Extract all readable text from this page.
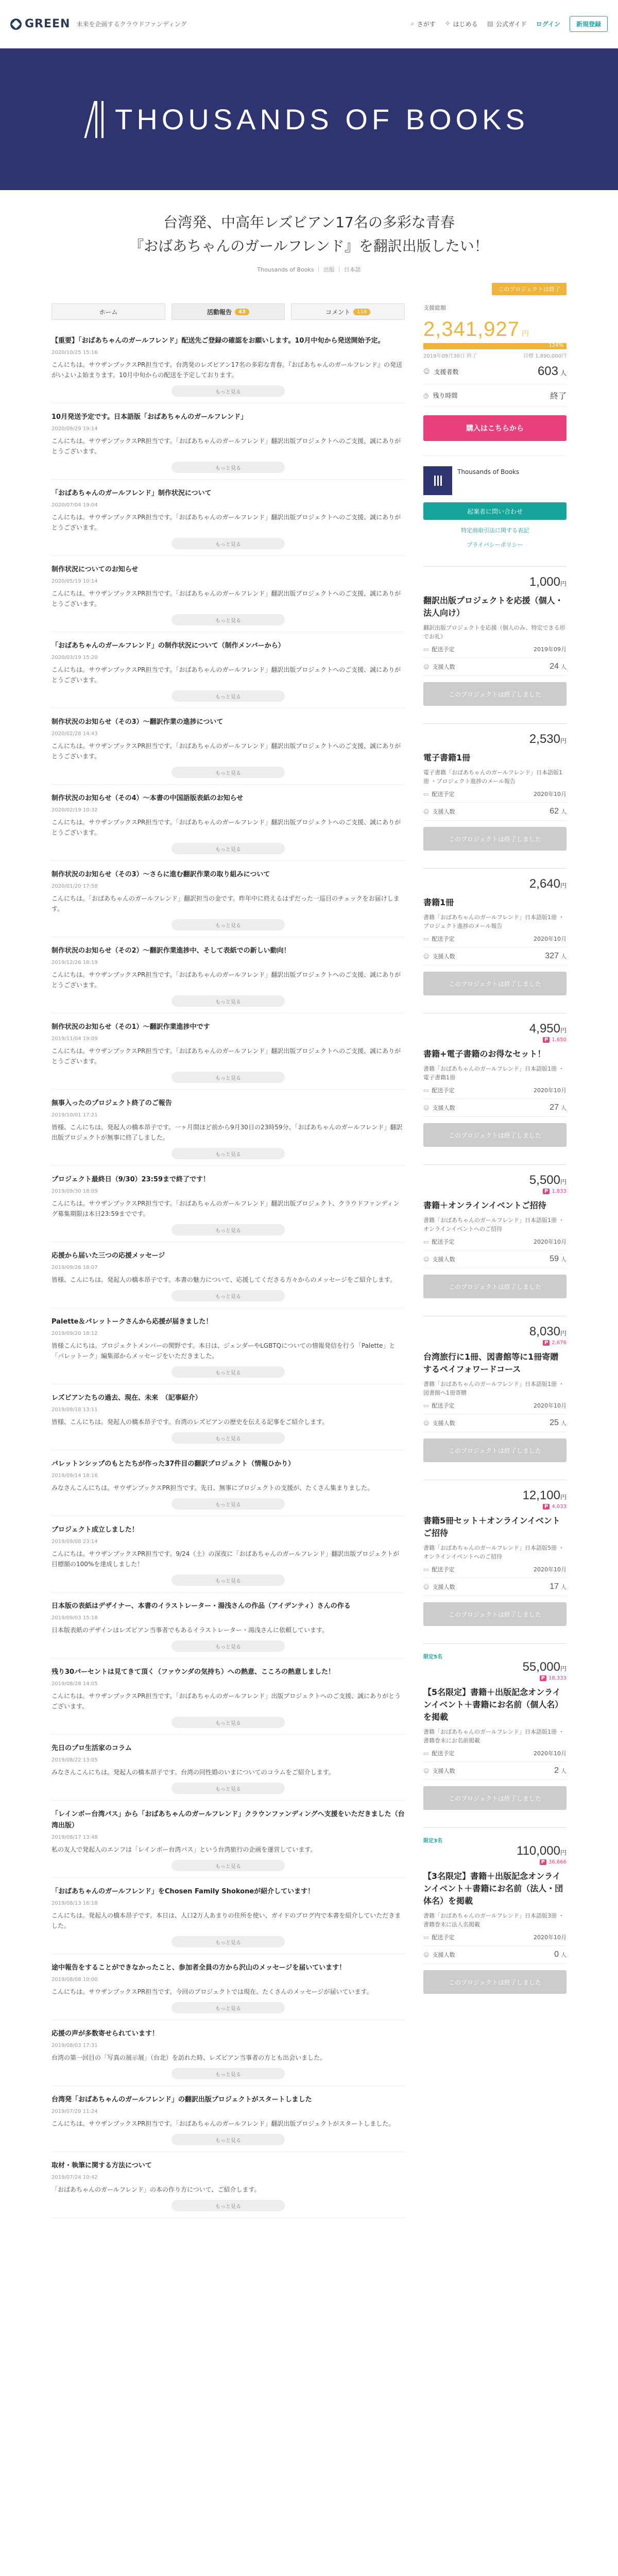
GREEN 未来を企画するクラウドファンディング	⌕ さがす ✧ はじめる ▤ 公式ガイド ログイン	新規登録
THOUSANDS OF BOOKS
台湾発、中高年レズビアン17名の多彩な青春
『おばあちゃんのガールフレンド』を翻訳出版したい！
Thousands of Books ｜ 出版 ｜ 日本語
ホーム	活動報告	43	コメント	118
【重要】「おばあちゃんのガールフレンド」配送先ご登録の確認をお願いします。10月中旬から発送開始予定。
2020/10/25 15:16
こんにちは。サウザンブックスPR担当です。台湾発のレズビアン17名の多彩な青春。『おばあちゃんのガールフレンド』の発送がいよいよ始まります。10月中旬からの配送を予定しております。
もっと見る
10月発送予定です。日本語版「おばあちゃんのガールフレンド」
2020/09/29 19:14
こんにちは。サウザンブックスPR担当です。「おばあちゃんのガールフレンド」翻訳出版プロジェクトへのご支援、誠にありがとうございます。
もっと見る
「おばあちゃんのガールフレンド」制作状況について
2020/07/04 19:04
こんにちは。サウザンブックスPR担当です。「おばあちゃんのガールフレンド」翻訳出版プロジェクトへのご支援、誠にありがとうございます。
もっと見る
制作状況についてのお知らせ
2020/05/19 10:14
こんにちは。サウザンブックスPR担当です。「おばあちゃんのガールフレンド」翻訳出版プロジェクトへのご支援、誠にありがとうございます。
もっと見る
「おばあちゃんのガールフレンド」の制作状況について（制作メンバーから）
2020/03/19 15:20
こんにちは。サウザンブックスPR担当です。「おばあちゃんのガールフレンド」翻訳出版プロジェクトへのご支援、誠にありがとうございます。
もっと見る
制作状況のお知らせ（その3）〜翻訳作業の進捗について
2020/02/28 14:43
こんにちは。サウザンブックスPR担当です。「おばあちゃんのガールフレンド」翻訳出版プロジェクトへのご支援、誠にありがとうございます。
もっと見る
制作状況のお知らせ（その4）〜本書の中国語版表紙のお知らせ
2020/02/19 10:32
こんにちは。サウザンブックスPR担当です。「おばあちゃんのガールフレンド」翻訳出版プロジェクトへのご支援、誠にありがとうございます。
もっと見る
制作状況のお知らせ（その3）〜さらに進む翻訳作業の取り組みについて
2020/01/20 17:58
こんにちは。「おばあちゃんのガールフレンド」翻訳担当の金です。昨年中に終えるはずだった一巡目のチェックをお届けします。
もっと見る
制作状況のお知らせ（その2）〜翻訳作業進捗中、そして表紙での新しい動向！
2019/12/26 18:19
こんにちは。サウザンブックスPR担当です。「おばあちゃんのガールフレンド」翻訳出版プロジェクトへのご支援、誠にありがとうございます。
もっと見る
制作状況のお知らせ（その1）〜翻訳作業進捗中です
2019/11/04 19:09
こんにちは。サウザンブックスPR担当です。「おばあちゃんのガールフレンド」翻訳出版プロジェクトへのご支援、誠にありがとうございます。
もっと見る
無事入ったのプロジェクト終了のご報告
2019/10/01 17:21
皆様、こんにちは。発起人の橋本昂子です。一ヶ月間ほど前から9月30日の23時59分、「おばあちゃんのガールフレンド」翻訳出版プロジェクトが無事に終了しました。
もっと見る
プロジェクト最終日（9/30）23:59まで終了です！
2019/09/30 18:09
こんにちは。サウザンブックスPR担当です。「おばあちゃんのガールフレンド」翻訳出版プロジェクト、クラウドファンディング募集期限は本日23:59までです。
もっと見る
応援から届いた三つの応援メッセージ
2019/09/26 18:07
皆様、こんにちは。発起人の橋本昂子です。本書の魅力について、応援してくださる方々からのメッセージをご紹介します。
もっと見る
Palette＆パレットークさんから応援が届きました！
2019/09/20 18:12
皆様こんにちは。プロジェクトメンバーの関野です。本日は、ジェンダーやLGBTQについての情報発信を行う「Palette」と「パレットーク」編集部からメッセージをいただきました。
もっと見る
レズビアンたちの過去、現在、未来　（記事紹介）
2019/09/18 13:11
皆様、こんにちは。発起人の橋本昂子です。台湾のレズビアンの歴史を伝える記事をご紹介します。
もっと見る
パレットンシップのもとたちが作った37件目の翻訳プロジェクト（情報ひかり）
2019/09/14 18:16
みなさんこんにちは。サウザンブックスPR担当です。先日、無事にプロジェクトの支援が、たくさん集まりました。
もっと見る
プロジェクト成立しました！
2019/09/08 23:14
こんにちは。サウザンブックスPR担当です。9/24（土）の深夜に「おばあちゃんのガールフレンド」翻訳出版プロジェクトが目標額の100%を達成しました！
もっと見る
日本版の表紙はデザイナー、本書のイラストレーター・湯浅さんの作品（アイデンティ）さんの作る
2019/09/03 15:18
日本版表紙のデザインはレズビアン当事者でもあるイラストレーター・湯浅さんに依頼しています。
もっと見る
残り30パーセントは見てきて頂く（ファウンダの気持ち）への熱意、こころの熱意しました！
2019/08/28 14:05
こんにちは。サウザンブックスPR担当です。「おばあちゃんのガールフレンド」出版プロジェクトへのご支援、誠にありがとうございます。
もっと見る
先日のプロ生活家のコラム
2019/08/22 13:05
みなさんこんにちは。発起人の橋本昂子です。台湾の同性婚のいまについてのコラムをご紹介します。
もっと見る
「レインボー台湾パス」から「おばあちゃんのガールフレンド」クラウンファンディングへ支援をいただきました（台湾出版）
2019/08/17 13:48
私の友人で発起人のエンフは「レインボー台湾パス」という台湾旅行の企画を運営しています。
もっと見る
「おばあちゃんのガールフレンド」をChosen Family Shokoneが紹介しています！
2019/08/13 16:18
こんにちは。発起人の橋本昂子です。本日は、人口2万人あまりの住所を使い、ガイドのブログ内で本書を紹介していただきました。
もっと見る
途中報告をすることができなかったこと、参加者全員の方から沢山のメッセージを届いています！
2019/08/08 10:00
こんにちは。サウザンブックスPR担当です。今回のプロジェクトでは現在、たくさんのメッセージが届いています。
もっと見る
応援の声が多数寄せられています！
2019/08/03 17:31
台湾の第一回目の「写真の展示展」（台北）を訪れた時、レズビアン当事者の方とも出会いました。
もっと見る
台湾発「おばあちゃんのガールフレンド」の翻訳出版プロジェクトがスタートしました
2019/07/29 11:24
こんにちは。サウザンブックスPR担当です。「おばあちゃんのガールフレンド」翻訳出版プロジェクトがスタートしました。
もっと見る
取材・執筆に関する方法について
2019/07/24 10:42
「おばあちゃんのガールフレンド」の本の作り方について、ご紹介します。
もっと見る
このプロジェクトは終了
支援総額
2,341,927 円
124%
2019年09月30日 終了	目標 1,890,000円
☺ 支援者数	603 人
◷ 残り時間	終了
購入はこちらから
Thousands of Books
起案者に問い合わせ
特定商取引法に関する表記
プライバシーポリシー
1,000円
翻訳出版プロジェクトを応援（個人・法人向け）
翻訳出版プロジェクトを応援（個人のみ、特定できる形でお礼）
▭ 配送予定	2019年09月
☺ 支援人数	24 人
このプロジェクトは終了しました
2,530円
電子書籍1冊
電子書籍「おばあちゃんのガールフレンド」日本語版1冊 ・プロジェクト進捗のメール報告
▭ 配送予定	2020年10月
☺ 支援人数	62 人
このプロジェクトは終了しました
2,640円
書籍1冊
書籍「おばあちゃんのガールフレンド」日本語版1冊 ・プロジェクト進捗のメール報告
▭ 配送予定	2020年10月
☺ 支援人数	327 人
このプロジェクトは終了しました
4,950円
P 1,650
書籍+電子書籍のお得なセット！
書籍「おばあちゃんのガールフレンド」日本語版1冊 ・電子書籍1冊
▭ 配送予定	2020年10月
☺ 支援人数	27 人
このプロジェクトは終了しました
5,500円
P 1,833
書籍＋オンラインイベントご招待
書籍「おばあちゃんのガールフレンド」日本語版1冊 ・オンラインイベントへのご招待
▭ 配送予定	2020年10月
☺ 支援人数	59 人
このプロジェクトは終了しました
8,030円
P 2,676
台湾旅行に1冊、図書館等に1冊寄贈するペイフォワードコース
書籍「おばあちゃんのガールフレンド」日本語版1冊 ・図書館へ1冊寄贈
▭ 配送予定	2020年10月
☺ 支援人数	25 人
このプロジェクトは終了しました
12,100円
P 4,033
書籍5冊セット＋オンラインイベントご招待
書籍「おばあちゃんのガールフレンド」日本語版5冊 ・オンラインイベントへのご招待
▭ 配送予定	2020年10月
☺ 支援人数	17 人
このプロジェクトは終了しました
限定5名
55,000円
P 18,333
【5名限定】書籍＋出版記念オンラインイベント＋書籍にお名前（個人名）を掲載
書籍「おばあちゃんのガールフレンド」日本語版1冊 ・書籍巻末にお名前掲載
▭ 配送予定	2020年10月
☺ 支援人数	2 人
このプロジェクトは終了しました
限定3名
110,000円
P 36,666
【3名限定】書籍＋出版記念オンラインイベント＋書籍にお名前（法人・団体名）を掲載
書籍「おばあちゃんのガールフレンド」日本語版3冊 ・書籍巻末に法人名掲載
▭ 配送予定	2020年10月
☺ 支援人数	0 人
このプロジェクトは終了しました
